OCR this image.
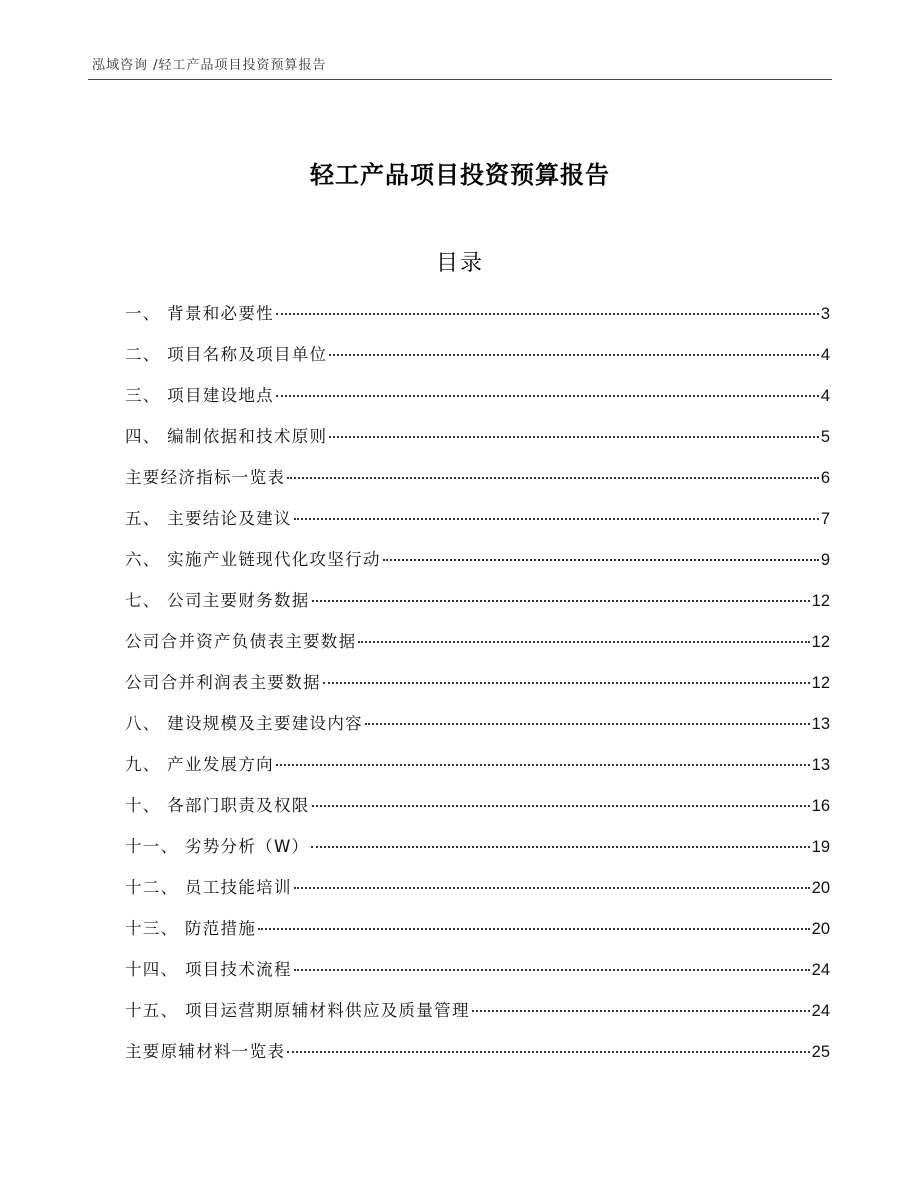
泓域咨询 /轻工产品项目投资预算报告
轻工产品项目投资预算报告
目录
一、 背景和必要性	3
二、 项目名称及项目单位	4
三、 项目建设地点	4
四、 编制依据和技术原则	5
主要经济指标一览表	6
五、 主要结论及建议	7
六、 实施产业链现代化攻坚行动	9
七、 公司主要财务数据	12
公司合并资产负债表主要数据	12
公司合并利润表主要数据	12
八、 建设规模及主要建设内容	13
九、 产业发展方向	13
十、 各部门职责及权限	16
十一、 劣势分析（W）	19
十二、 员工技能培训	20
十三、 防范措施	20
十四、 项目技术流程	24
十五、 项目运营期原辅材料供应及质量管理	24
主要原辅材料一览表	25
